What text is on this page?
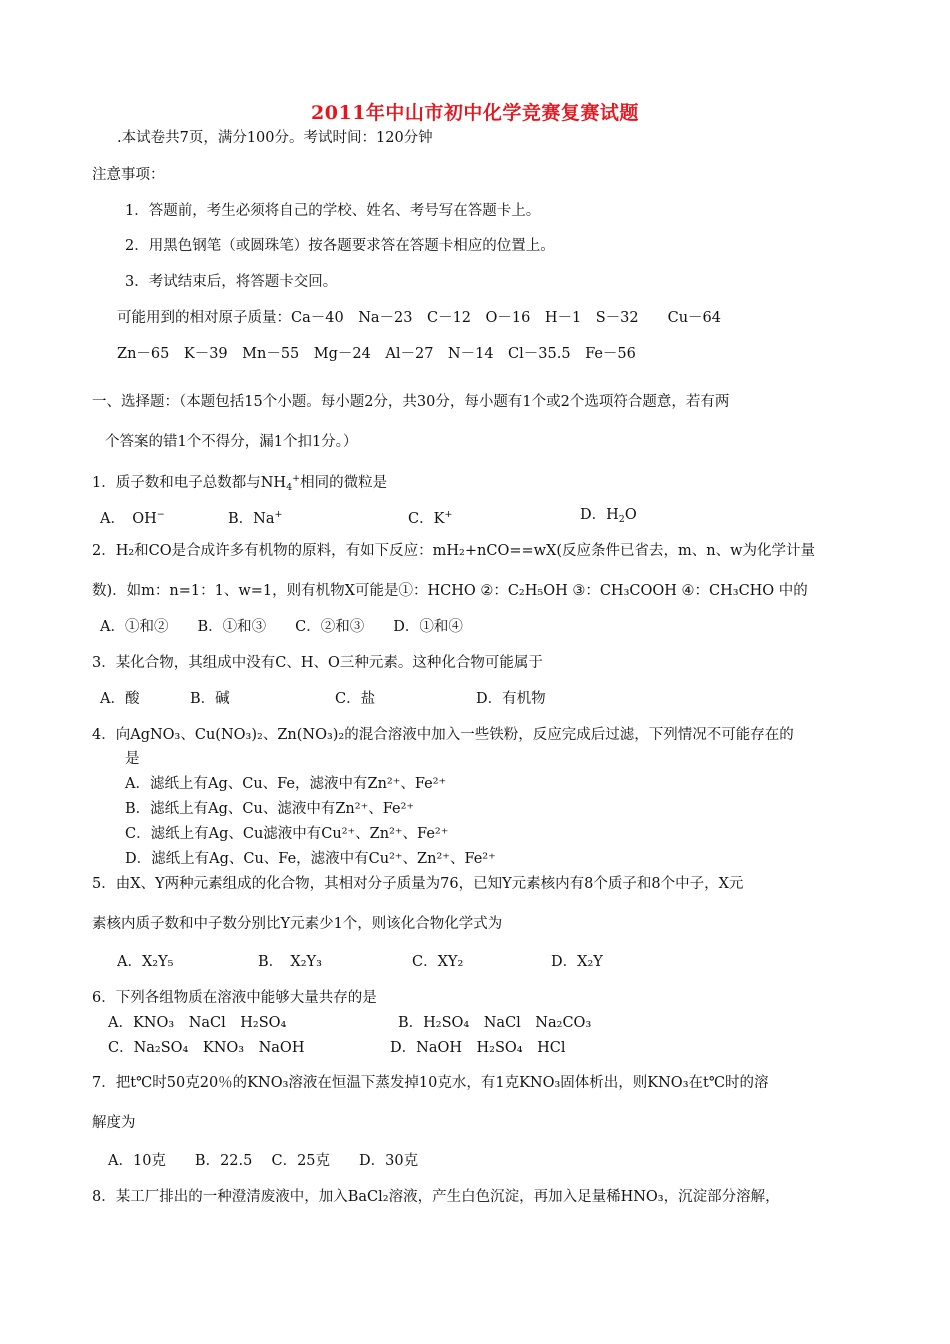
2011年中山市初中化学竞赛复赛试题
.本试卷共7页，满分100分。考试时间：120分钟
注意事项：
1．答题前，考生必须将自己的学校、姓名、考号写在答题卡上。
2．用黑色钢笔（或圆珠笔）按各题要求答在答题卡相应的位置上。
3．考试结束后，将答题卡交回。
可能用到的相对原子质量：Ca－40　Na－23　C－12　O－16　H－1　S－32　　Cu－64
Zn－65　K－39　Mn－55　Mg－24　Al－27　N－14　Cl－35.5　Fe－56
一、选择题：（本题包括15个小题。每小题2分，共30分，每小题有1个或2个选项符合题意，若有两
个答案的错1个不得分，漏1个扣1分。）
1．质子数和电子总数都与$NH_4^+$相同的微粒是
A．　OH−	B．Na+	C．K+	D．$H_2O$
2．H₂和CO是合成许多有机物的原料，有如下反应：mH₂+nCO==wX(反应条件已省去，m、n、w为化学计量
数)．如m：n=1：1、w=1，则有机物X可能是①：HCHO ②：C₂H₅OH ③：CH₃COOH ④：CH₃CHO 中的
A．①和②　　B．①和③　　C．②和③　　D．①和④
3．某化合物，其组成中没有C、H、O三种元素。这种化合物可能属于
A．酸	B．碱	C．盐	D．有机物
4．向AgNO₃、Cu(NO₃)₂、Zn(NO₃)₂的混合溶液中加入一些铁粉，反应完成后过滤，下列情况不可能存在的
是
A．滤纸上有Ag、Cu、Fe，滤液中有Zn²⁺、Fe²⁺
B．滤纸上有Ag、Cu、滤液中有Zn²⁺、Fe²⁺
C．滤纸上有Ag、Cu滤液中有Cu²⁺、Zn²⁺、Fe²⁺
D．滤纸上有Ag、Cu、Fe，滤液中有Cu²⁺、Zn²⁺、Fe²⁺
5．由X、Y两种元素组成的化合物，其相对分子质量为76，已知Y元素核内有8个质子和8个中子，X元
素核内质子数和中子数分别比Y元素少1个，则该化合物化学式为
A．X₂Y₅	B．　X₂Y₃	C．XY₂	D．X₂Y
6．下列各组物质在溶液中能够大量共存的是
A．KNO₃　NaCl　H₂SO₄	B．H₂SO₄　NaCl　Na₂CO₃
C．Na₂SO₄　KNO₃　NaOH	D．NaOH　H₂SO₄　HCl
7．把t℃时50克20％的KNO₃溶液在恒温下蒸发掉10克水，有1克KNO₃固体析出，则KNO₃在t℃时的溶
解度为
A．10克　　B．22.5　 C．25克　　D．30克
8．某工厂排出的一种澄清废液中，加入BaCl₂溶液，产生白色沉淀，再加入足量稀HNO₃，沉淀部分溶解，
